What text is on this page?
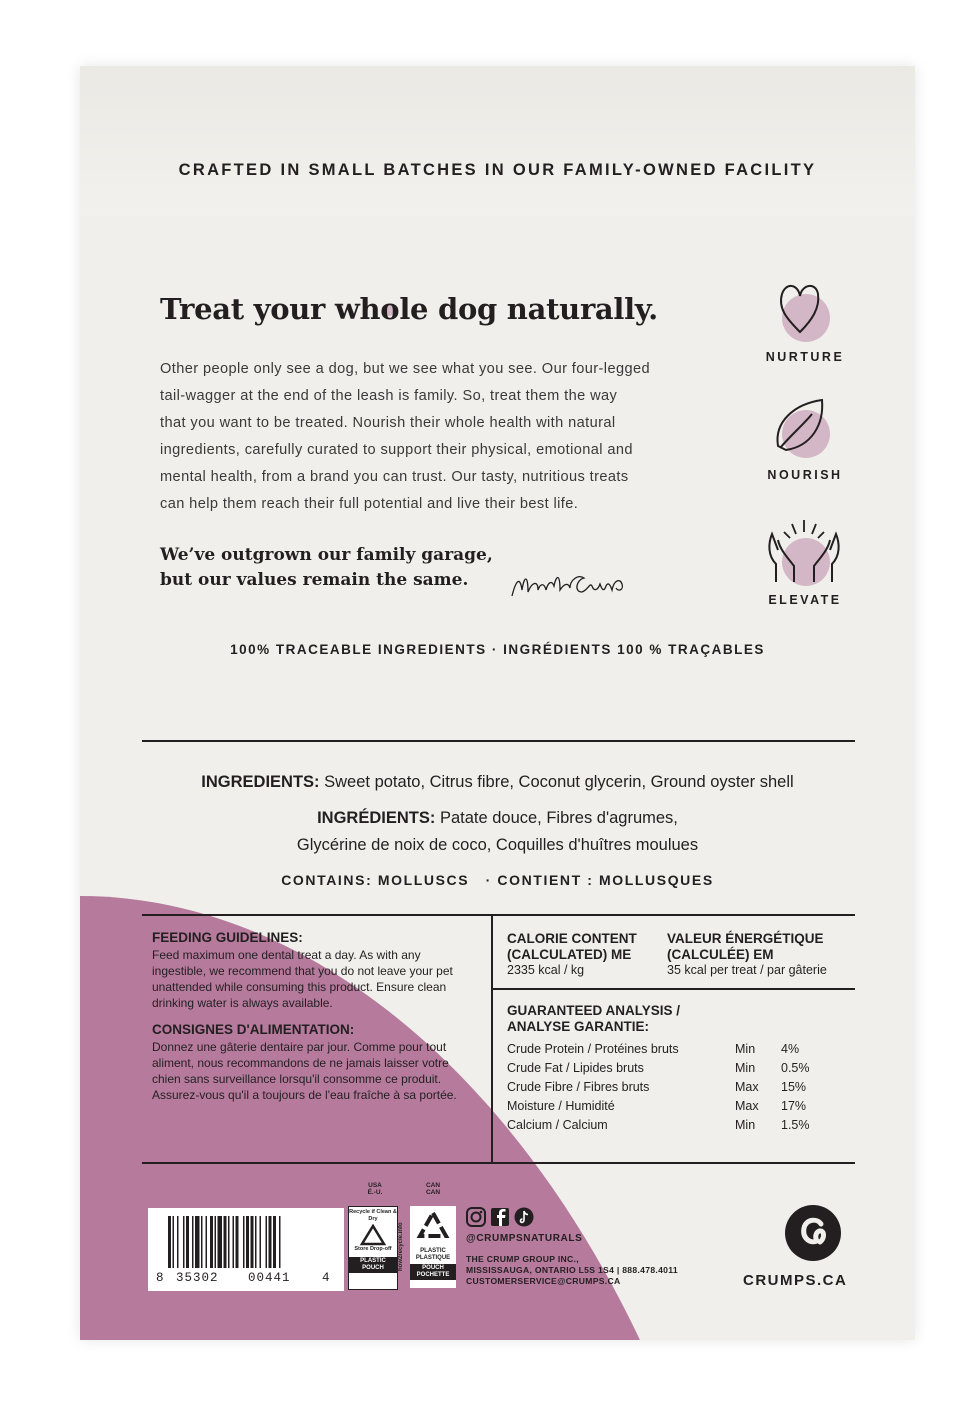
CRAFTED IN SMALL BATCHES IN OUR FAMILY-OWNED FACILITY
Treat your wh
ole dog naturally.
Other people only see a dog, but we see what you see. Our four-legged
tail-wagger at the end of the leash is family. So, treat them the way
that you want to be treated. Nourish their whole health with natural
ingredients, carefully curated to support their physical, emotional and
mental health, from a brand you can trust. Our tasty, nutritious treats
can help them reach their full potential and live their best life.
We’ve outgrown our family garage,
but our values remain the same.
NURTURE
NOURISH
ELEVATE
100% TRACEABLE INGREDIENTS · INGRÉDIENTS 100 % TRAÇABLES
INGREDIENTS: Sweet potato, Citrus fibre, Coconut glycerin, Ground oyster shell
INGRÉDIENTS: Patate douce, Fibres d'agrumes,
Glycérine de noix de coco, Coquilles d'huîtres moulues
CONTAINS: MOLLUSCS   · CONTIENT : MOLLUSQUES
FEEDING GUIDELINES:
Feed maximum one dental treat a day. As with any
ingestible, we recommend that you do not leave your pet
unattended while consuming this product. Ensure clean
drinking water is always available.
CONSIGNES D'ALIMENTATION:
Donnez une gâterie dentaire par jour. Comme pour tout
aliment, nous recommandons de ne jamais laisser votre
chien sans surveillance lorsqu'il consomme ce produit.
Assurez-vous qu'il a toujours de l'eau fraîche à sa portée.
CALORIE CONTENT
(CALCULATED) ME
2335 kcal / kg
VALEUR ÉNERGÉTIQUE
(CALCULÉE) EM
35 kcal per treat / par gâterie
GUARANTEED ANALYSIS /
ANALYSE GARANTIE:
Crude Protein / Protéines bruts	Min 4%
Crude Fat / Lipides bruts	Min 0.5%
Crude Fibre / Fibres bruts	Max 15%
Moisture / Humidité	Max 17%
Calcium / Calcium	Min 1.5%
8 35302 00441	4
USA
É.-U.
Recycle if Clean & Dry
Store Drop-off
PLASTIC POUCH	how2recycle.info
CAN
CAN
PLASTIC PLASTIQUE
POUCH POCHETTE
@CRUMPSNATURALS
THE CRUMP GROUP INC.,
MISSISSAUGA, ONTARIO L5S 1S4 | 888.478.4011
CUSTOMERSERVICE@CRUMPS.CA	CRUMPS.CA
